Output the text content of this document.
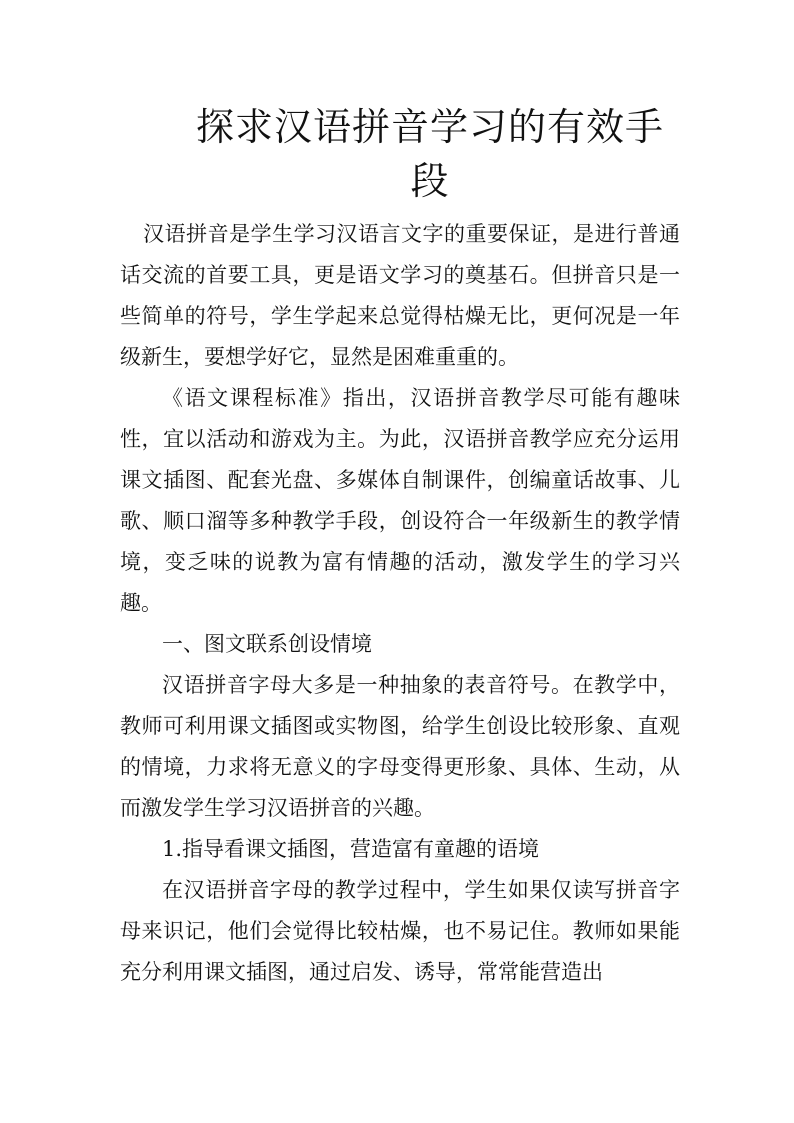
探求汉语拼音学习的有效手段

汉语拼音是学生学习汉语言文字的重要保证，是进行普通话交流的首要工具，更是语文学习的奠基石。但拼音只是一些简单的符号，学生学起来总觉得枯燥无比，更何况是一年级新生，要想学好它，显然是困难重重的。

《语文课程标准》指出，汉语拼音教学尽可能有趣味性，宜以活动和游戏为主。为此，汉语拼音教学应充分运用课文插图、配套光盘、多媒体自制课件，创编童话故事、儿歌、顺口溜等多种教学手段，创设符合一年级新生的教学情境，变乏味的说教为富有情趣的活动，激发学生的学习兴趣。

一、图文联系创设情境

汉语拼音字母大多是一种抽象的表音符号。在教学中，教师可利用课文插图或实物图，给学生创设比较形象、直观的情境，力求将无意义的字母变得更形象、具体、生动，从而激发学生学习汉语拼音的兴趣。

1.指导看课文插图，营造富有童趣的语境

在汉语拼音字母的教学过程中，学生如果仅读写拼音字母来识记，他们会觉得比较枯燥，也不易记住。教师如果能充分利用课文插图，通过启发、诱导，常常能营造出
